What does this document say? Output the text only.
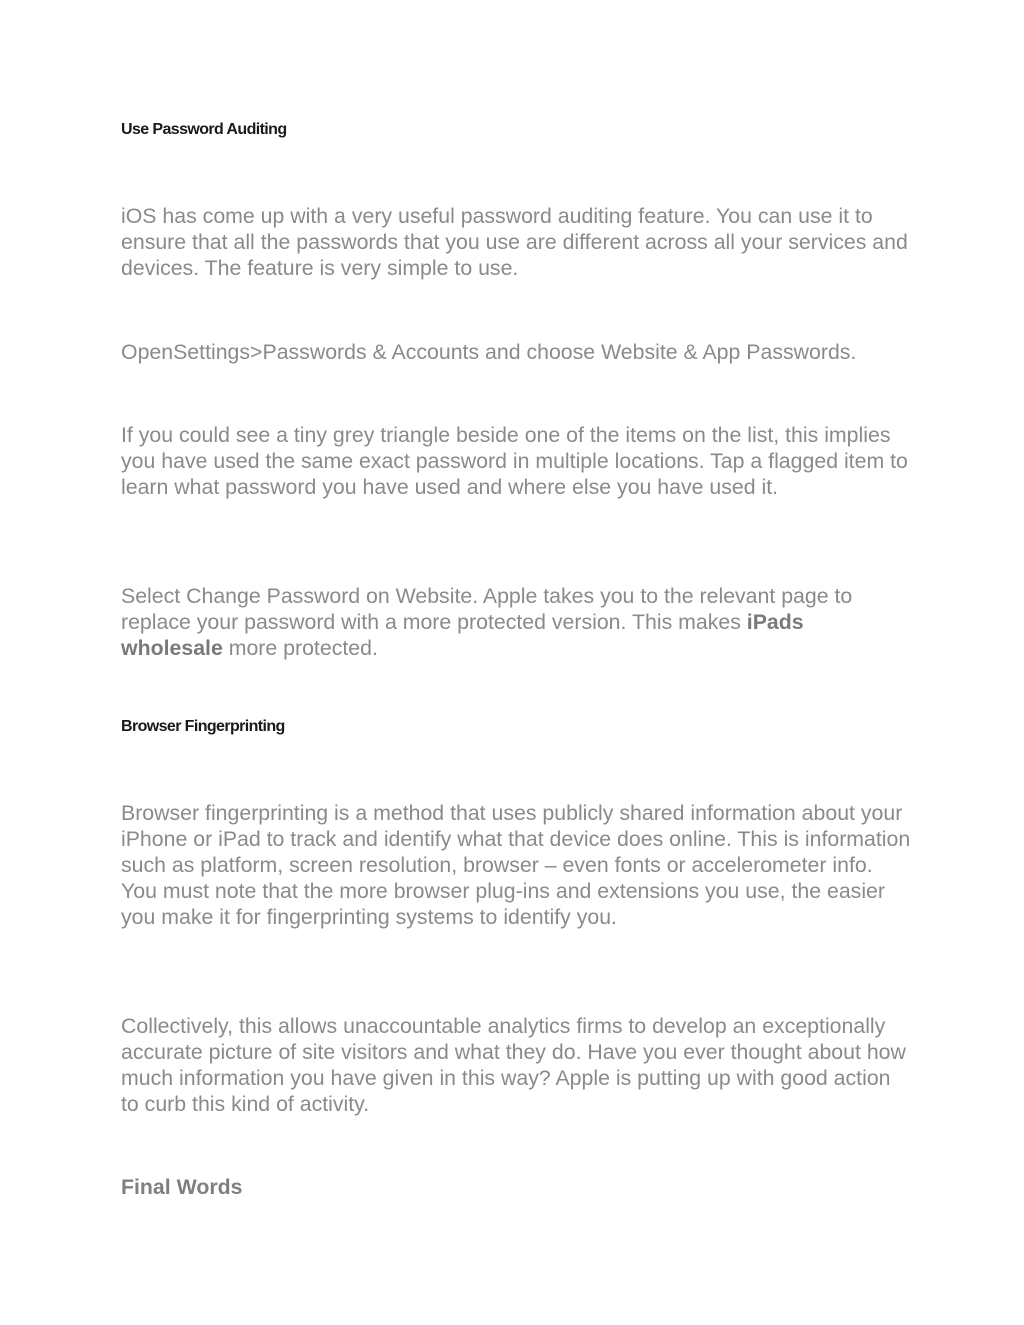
Use Password Auditing

iOS has come up with a very useful password auditing feature. You can use it to ensure that all the passwords that you use are different across all your services and devices. The feature is very simple to use.

OpenSettings>Passwords & Accounts and choose Website & App Passwords.

If you could see a tiny grey triangle beside one of the items on the list, this implies you have used the same exact password in multiple locations. Tap a flagged item to learn what password you have used and where else you have used it.

Select Change Password on Website. Apple takes you to the relevant page to replace your password with a more protected version. This makes iPads wholesale more protected.

Browser Fingerprinting

Browser fingerprinting is a method that uses publicly shared information about your iPhone or iPad to track and identify what that device does online. This is information such as platform, screen resolution, browser – even fonts or accelerometer info. You must note that the more browser plug-ins and extensions you use, the easier you make it for fingerprinting systems to identify you.

Collectively, this allows unaccountable analytics firms to develop an exceptionally accurate picture of site visitors and what they do. Have you ever thought about how much information you have given in this way? Apple is putting up with good action to curb this kind of activity.

Final Words
